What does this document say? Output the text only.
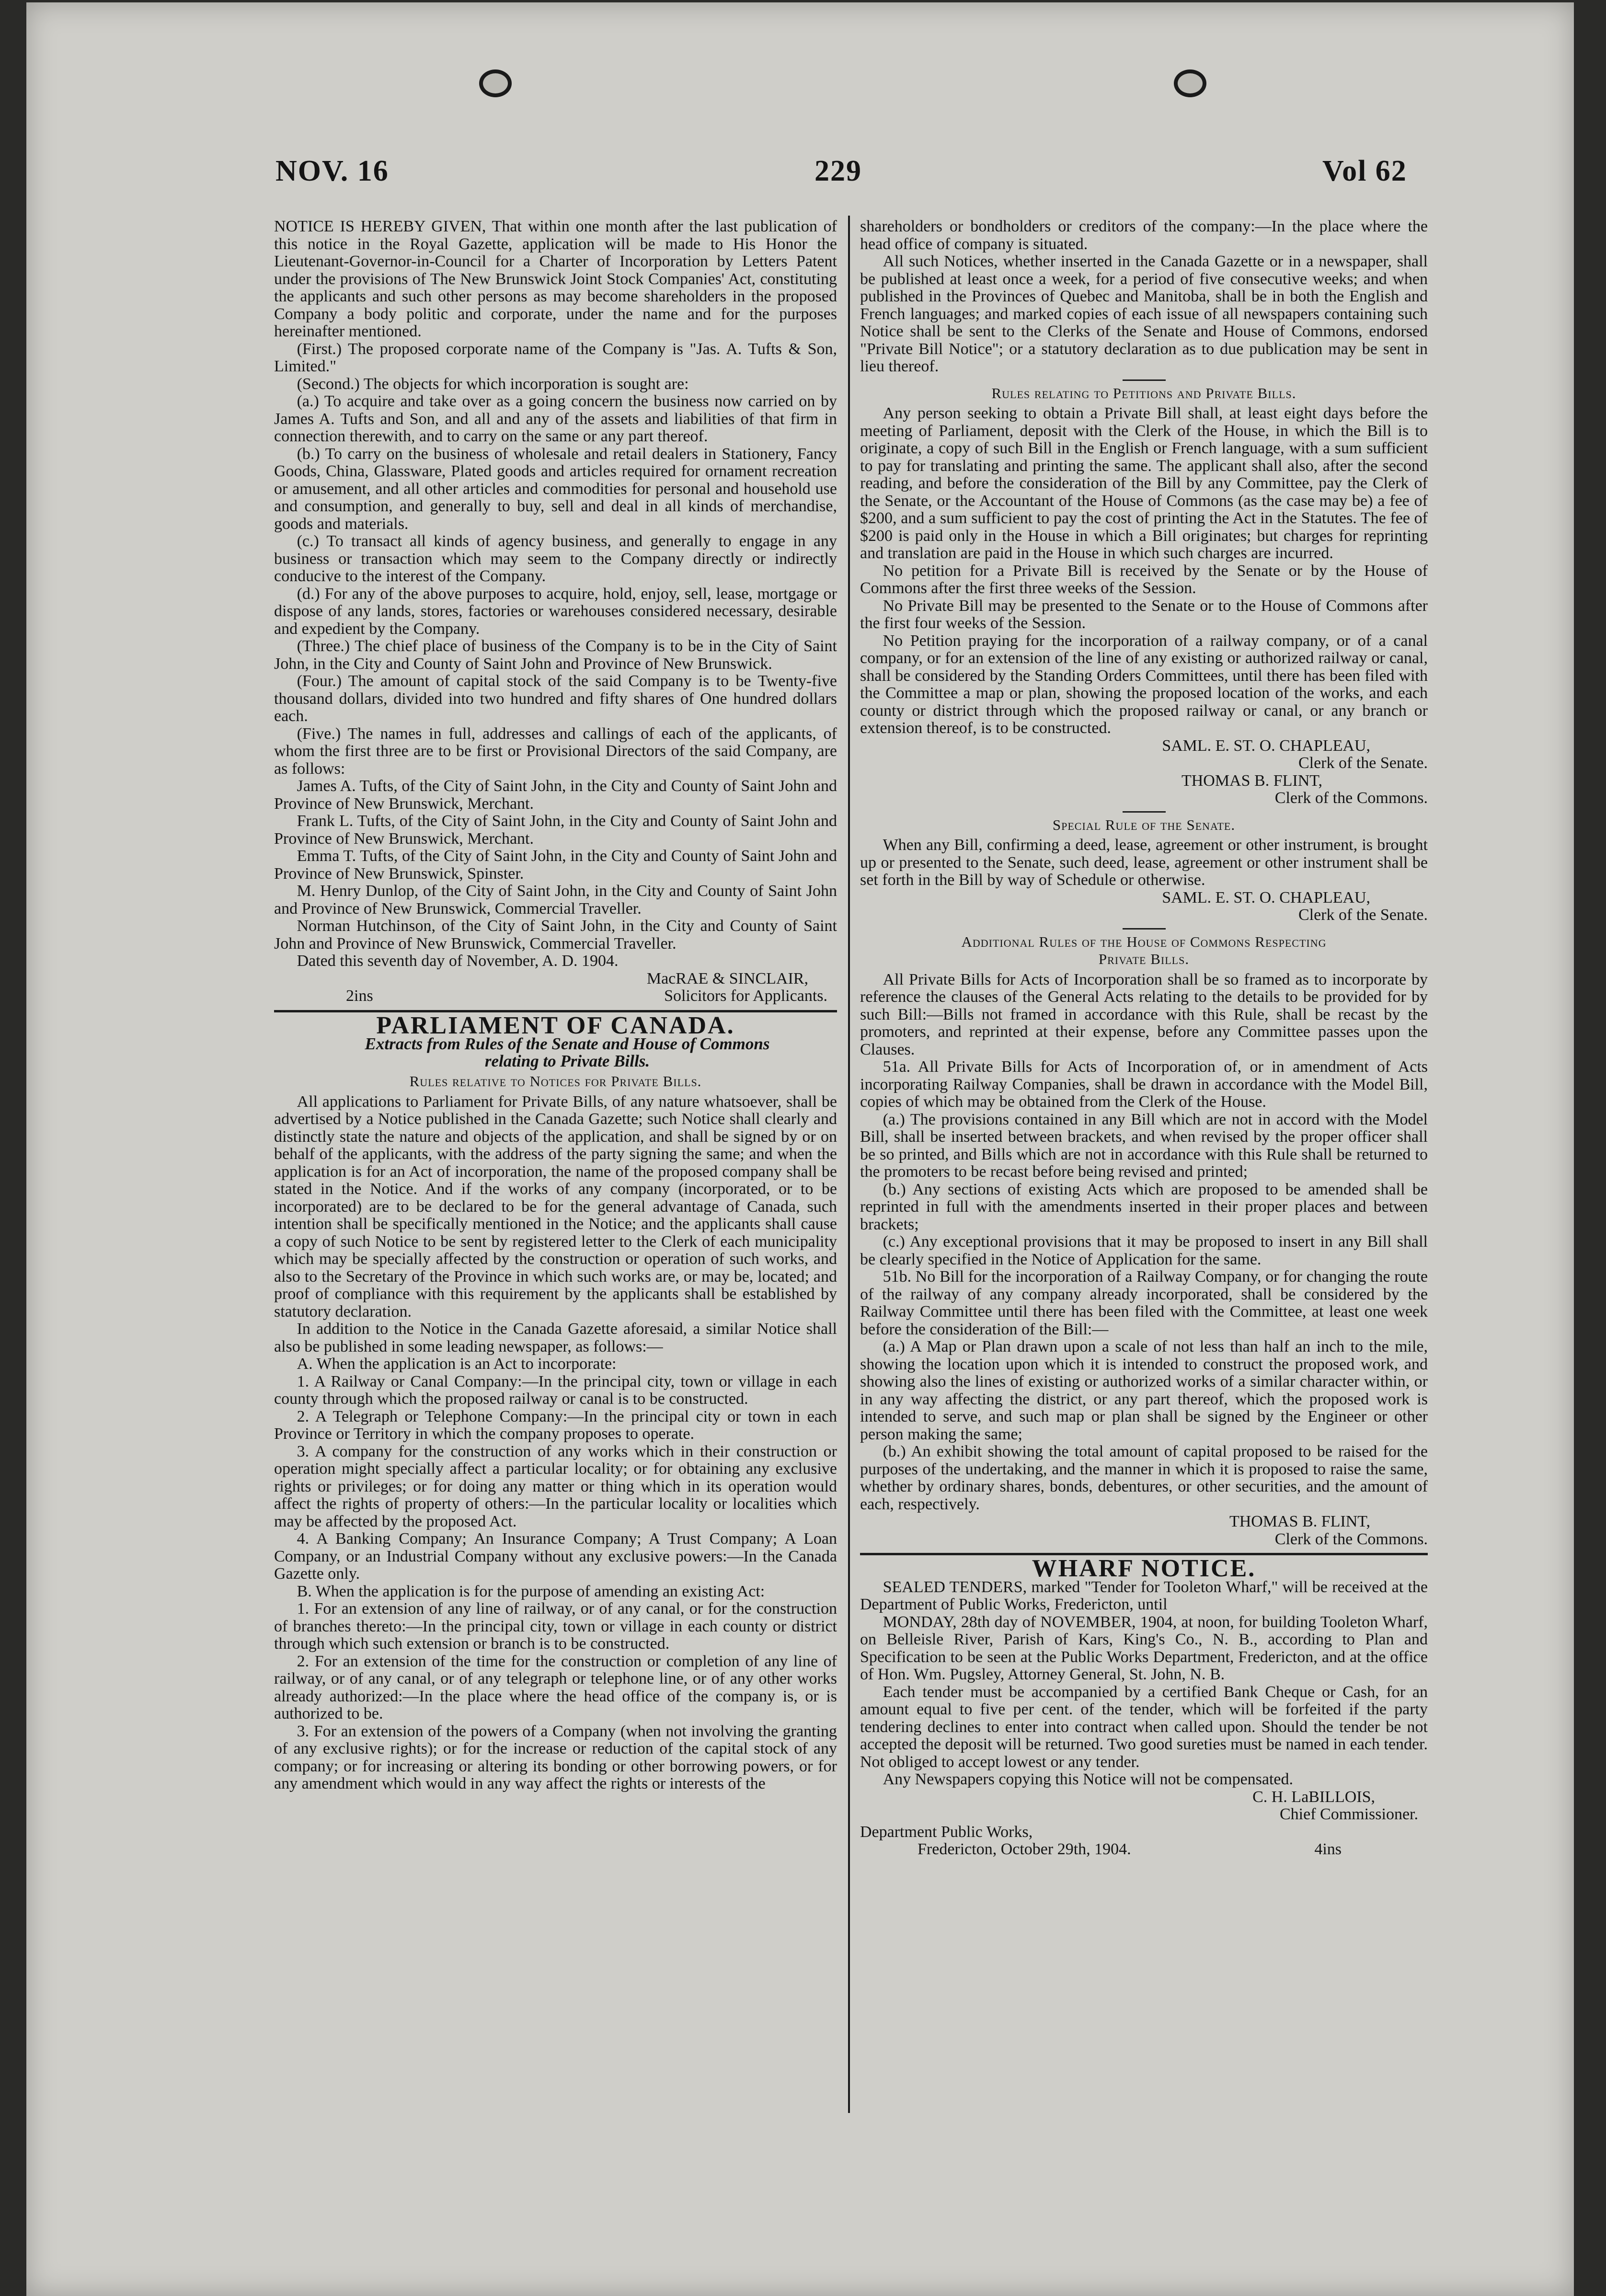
NOV. 16	229	Vol 62

NOTICE IS HEREBY GIVEN, That within one month after the last publication of this notice in the Royal Gazette, application will be made to His Honor the Lieutenant-Governor-in-Council for a Charter of Incorporation by Letters Patent under the provisions of The New Brunswick Joint Stock Companies' Act, constituting the applicants and such other persons as may become shareholders in the proposed Company a body politic and corporate, under the name and for the purposes hereinafter mentioned.

(First.) The proposed corporate name of the Company is "Jas. A. Tufts & Son, Limited."

(Second.) The objects for which incorporation is sought are:

(a.) To acquire and take over as a going concern the business now carried on by James A. Tufts and Son, and all and any of the assets and liabilities of that firm in connection therewith, and to carry on the same or any part thereof.

(b.) To carry on the business of wholesale and retail dealers in Stationery, Fancy Goods, China, Glassware, Plated goods and articles required for ornament recreation or amusement, and all other articles and commodities for personal and household use and consumption, and generally to buy, sell and deal in all kinds of merchandise, goods and materials.

(c.) To transact all kinds of agency business, and generally to engage in any business or transaction which may seem to the Company directly or indirectly conducive to the interest of the Company.

(d.) For any of the above purposes to acquire, hold, enjoy, sell, lease, mortgage or dispose of any lands, stores, factories or warehouses considered necessary, desirable and expedient by the Company.

(Three.) The chief place of business of the Company is to be in the City of Saint John, in the City and County of Saint John and Province of New Brunswick.

(Four.) The amount of capital stock of the said Company is to be Twenty-five thousand dollars, divided into two hundred and fifty shares of One hundred dollars each.

(Five.) The names in full, addresses and callings of each of the applicants, of whom the first three are to be first or Provisional Directors of the said Company, are as follows:

James A. Tufts, of the City of Saint John, in the City and County of Saint John and Province of New Brunswick, Merchant.

Frank L. Tufts, of the City of Saint John, in the City and County of Saint John and Province of New Brunswick, Merchant.

Emma T. Tufts, of the City of Saint John, in the City and County of Saint John and Province of New Brunswick, Spinster.

M. Henry Dunlop, of the City of Saint John, in the City and County of Saint John and Province of New Brunswick, Commercial Traveller.

Norman Hutchinson, of the City of Saint John, in the City and County of Saint John and Province of New Brunswick, Commercial Traveller.

Dated this seventh day of November, A. D. 1904.

MacRAE & SINCLAIR,

2ins	Solicitors for Applicants.
PARLIAMENT OF CANADA.

Extracts from Rules of the Senate and House of Commons

relating to Private Bills.

Rules relative to Notices for Private Bills.

All applications to Parliament for Private Bills, of any nature whatsoever, shall be advertised by a Notice published in the Canada Gazette; such Notice shall clearly and distinctly state the nature and objects of the application, and shall be signed by or on behalf of the applicants, with the address of the party signing the same; and when the application is for an Act of incorporation, the name of the proposed company shall be stated in the Notice. And if the works of any company (incorporated, or to be incorporated) are to be declared to be for the general advantage of Canada, such intention shall be specifically mentioned in the Notice; and the applicants shall cause a copy of such Notice to be sent by registered letter to the Clerk of each municipality which may be specially affected by the construction or operation of such works, and also to the Secretary of the Province in which such works are, or may be, located; and proof of compliance with this requirement by the applicants shall be established by statutory declaration.

In addition to the Notice in the Canada Gazette aforesaid, a similar Notice shall also be published in some leading newspaper, as follows:—

A. When the application is an Act to incorporate:

1. A Railway or Canal Company:—In the principal city, town or village in each county through which the proposed railway or canal is to be constructed.

2. A Telegraph or Telephone Company:—In the principal city or town in each Province or Territory in which the company proposes to operate.

3. A company for the construction of any works which in their construction or operation might specially affect a particular locality; or for obtaining any exclusive rights or privileges; or for doing any matter or thing which in its operation would affect the rights of property of others:—In the particular locality or localities which may be affected by the proposed Act.

4. A Banking Company; An Insurance Company; A Trust Company; A Loan Company, or an Industrial Company without any exclusive powers:—In the Canada Gazette only.

B. When the application is for the purpose of amending an existing Act:

1. For an extension of any line of railway, or of any canal, or for the construction of branches thereto:—In the principal city, town or village in each county or district through which such extension or branch is to be constructed.

2. For an extension of the time for the construction or completion of any line of railway, or of any canal, or of any telegraph or telephone line, or of any other works already authorized:—In the place where the head office of the company is, or is authorized to be.

3. For an extension of the powers of a Company (when not involving the granting of any exclusive rights); or for the increase or reduction of the capital stock of any company; or for increasing or altering its bonding or other borrowing powers, or for any amendment which would in any way affect the rights or interests of the

shareholders or bondholders or creditors of the company:—In the place where the head office of company is situated.

All such Notices, whether inserted in the Canada Gazette or in a newspaper, shall be published at least once a week, for a period of five consecutive weeks; and when published in the Provinces of Quebec and Manitoba, shall be in both the English and French languages; and marked copies of each issue of all newspapers containing such Notice shall be sent to the Clerks of the Senate and House of Commons, endorsed "Private Bill Notice"; or a statutory declaration as to due publication may be sent in lieu thereof.

Rules relating to Petitions and Private Bills.

Any person seeking to obtain a Private Bill shall, at least eight days before the meeting of Parliament, deposit with the Clerk of the House, in which the Bill is to originate, a copy of such Bill in the English or French language, with a sum sufficient to pay for translating and printing the same. The applicant shall also, after the second reading, and before the consideration of the Bill by any Committee, pay the Clerk of the Senate, or the Accountant of the House of Commons (as the case may be) a fee of $200, and a sum sufficient to pay the cost of printing the Act in the Statutes. The fee of $200 is paid only in the House in which a Bill originates; but charges for reprinting and translation are paid in the House in which such charges are incurred.

No petition for a Private Bill is received by the Senate or by the House of Commons after the first three weeks of the Session.

No Private Bill may be presented to the Senate or to the House of Commons after the first four weeks of the Session.

No Petition praying for the incorporation of a railway company, or of a canal company, or for an extension of the line of any existing or authorized railway or canal, shall be considered by the Standing Orders Committees, until there has been filed with the Committee a map or plan, showing the proposed location of the works, and each county or district through which the proposed railway or canal, or any branch or extension thereof, is to be constructed.

SAML. E. ST. O. CHAPLEAU,

Clerk of the Senate.

THOMAS B. FLINT,

Clerk of the Commons.

Special Rule of the Senate.

When any Bill, confirming a deed, lease, agreement or other instrument, is brought up or presented to the Senate, such deed, lease, agreement or other instrument shall be set forth in the Bill by way of Schedule or otherwise.

SAML. E. ST. O. CHAPLEAU,

Clerk of the Senate.

Additional Rules of the House of Commons Respecting
Private Bills.

All Private Bills for Acts of Incorporation shall be so framed as to incorporate by reference the clauses of the General Acts relating to the details to be provided for by such Bill:—Bills not framed in accordance with this Rule, shall be recast by the promoters, and reprinted at their expense, before any Committee passes upon the Clauses.

51a. All Private Bills for Acts of Incorporation of, or in amendment of Acts incorporating Railway Companies, shall be drawn in accordance with the Model Bill, copies of which may be obtained from the Clerk of the House.

(a.) The provisions contained in any Bill which are not in accord with the Model Bill, shall be inserted between brackets, and when revised by the proper officer shall be so printed, and Bills which are not in accordance with this Rule shall be returned to the promoters to be recast before being revised and printed;

(b.) Any sections of existing Acts which are proposed to be amended shall be reprinted in full with the amendments inserted in their proper places and between brackets;

(c.) Any exceptional provisions that it may be proposed to insert in any Bill shall be clearly specified in the Notice of Application for the same.

51b. No Bill for the incorporation of a Railway Company, or for changing the route of the railway of any company already incorporated, shall be considered by the Railway Committee until there has been filed with the Committee, at least one week before the consideration of the Bill:—

(a.) A Map or Plan drawn upon a scale of not less than half an inch to the mile, showing the location upon which it is intended to construct the proposed work, and showing also the lines of existing or authorized works of a similar character within, or in any way affecting the district, or any part thereof, which the proposed work is intended to serve, and such map or plan shall be signed by the Engineer or other person making the same;

(b.) An exhibit showing the total amount of capital proposed to be raised for the purposes of the undertaking, and the manner in which it is proposed to raise the same, whether by ordinary shares, bonds, debentures, or other securities, and the amount of each, respectively.

THOMAS B. FLINT,

Clerk of the Commons.

WHARF NOTICE.

SEALED TENDERS, marked "Tender for Tooleton Wharf," will be received at the Department of Public Works, Fredericton, until

MONDAY, 28th day of NOVEMBER, 1904, at noon, for building Tooleton Wharf, on Belleisle River, Parish of Kars, King's Co., N. B., according to Plan and Specification to be seen at the Public Works Department, Fredericton, and at the office of Hon. Wm. Pugsley, Attorney General, St. John, N. B.

Each tender must be accompanied by a certified Bank Cheque or Cash, for an amount equal to five per cent. of the tender, which will be forfeited if the party tendering declines to enter into contract when called upon. Should the tender be not accepted the deposit will be returned. Two good sureties must be named in each tender. Not obliged to accept lowest or any tender.

Any Newspapers copying this Notice will not be compensated.

C. H. LaBILLOIS,

Chief Commissioner.

Department Public Works,

Fredericton, October 29th, 1904.	4ins
